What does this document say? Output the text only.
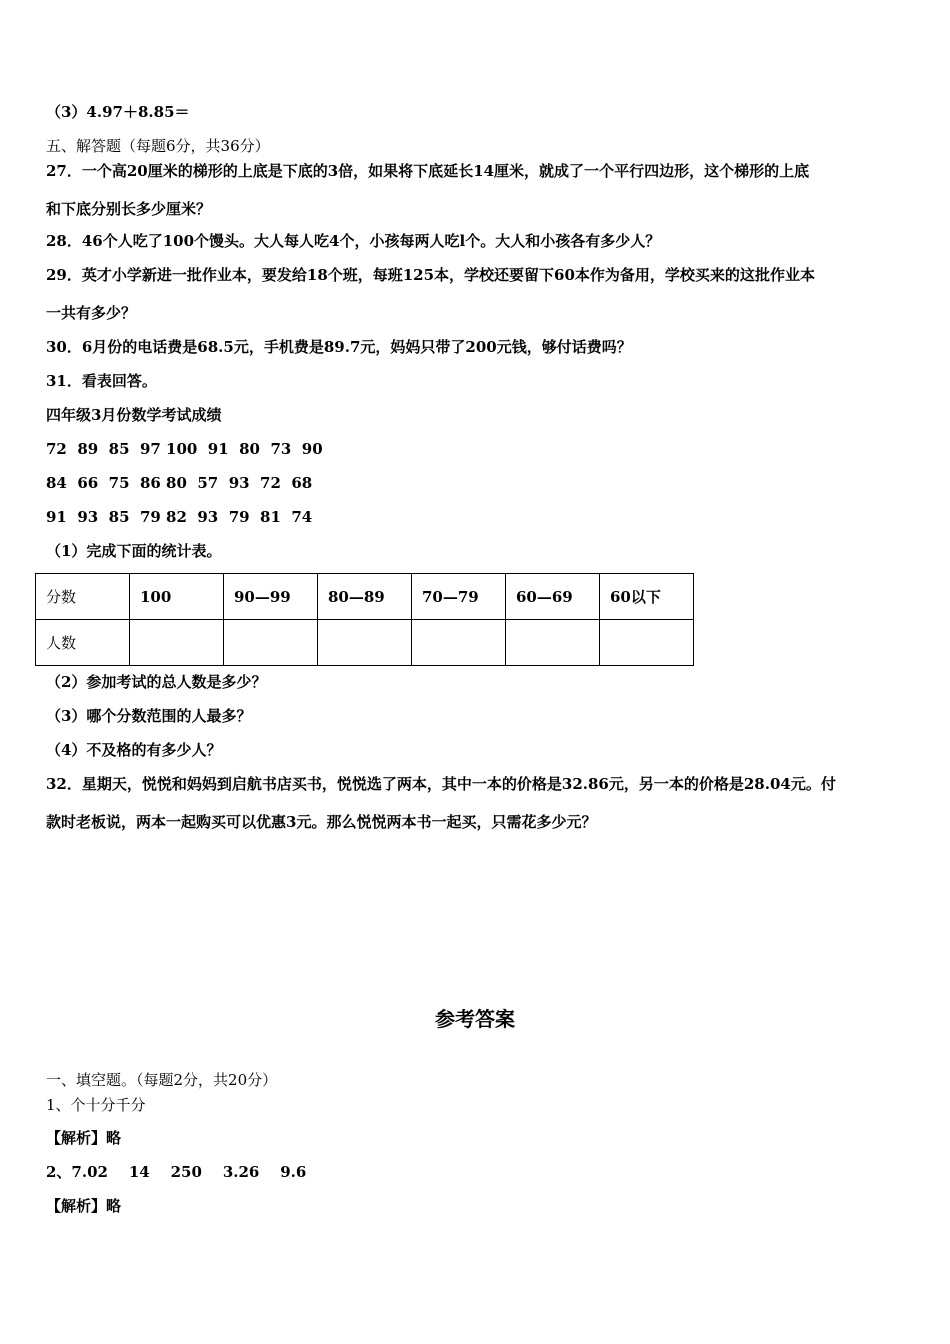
（3）4.97＋8.85＝
五、解答题（每题6分，共36分）
27．一个高20厘米的梯形的上底是下底的3倍，如果将下底延长14厘米，就成了一个平行四边形，这个梯形的上底
和下底分别长多少厘米？
28．46个人吃了100个馒头。大人每人吃4个，小孩每两人吃l个。大人和小孩各有多少人？
29．英才小学新进一批作业本，要发给18个班，每班125本，学校还要留下60本作为备用，学校买来的这批作业本
一共有多少？
30．6月份的电话费是68.5元，手机费是89.7元，妈妈只带了200元钱，够付话费吗？
31．看表回答。
四年级3月份数学考试成绩
72  89  85  97 100  91  80  73  90
84  66  75  86 80  57  93  72  68
91  93  85  79 82  93  79  81  74
（1）完成下面的统计表。
分数	100	90—99	80—89	70—79	60—69	60以下
人数						
（2）参加考试的总人数是多少？
（3）哪个分数范围的人最多？
（4）不及格的有多少人？
32．星期天，悦悦和妈妈到启航书店买书，悦悦选了两本，其中一本的价格是32.86元，另一本的价格是28.04元。付
款时老板说，两本一起购买可以优惠3元。那么悦悦两本书一起买，只需花多少元？
参考答案
一、填空题。（每题2分，共20分）
1、个十分千分
【解析】略
2、7.02    14    250    3.26    9.6
【解析】略
